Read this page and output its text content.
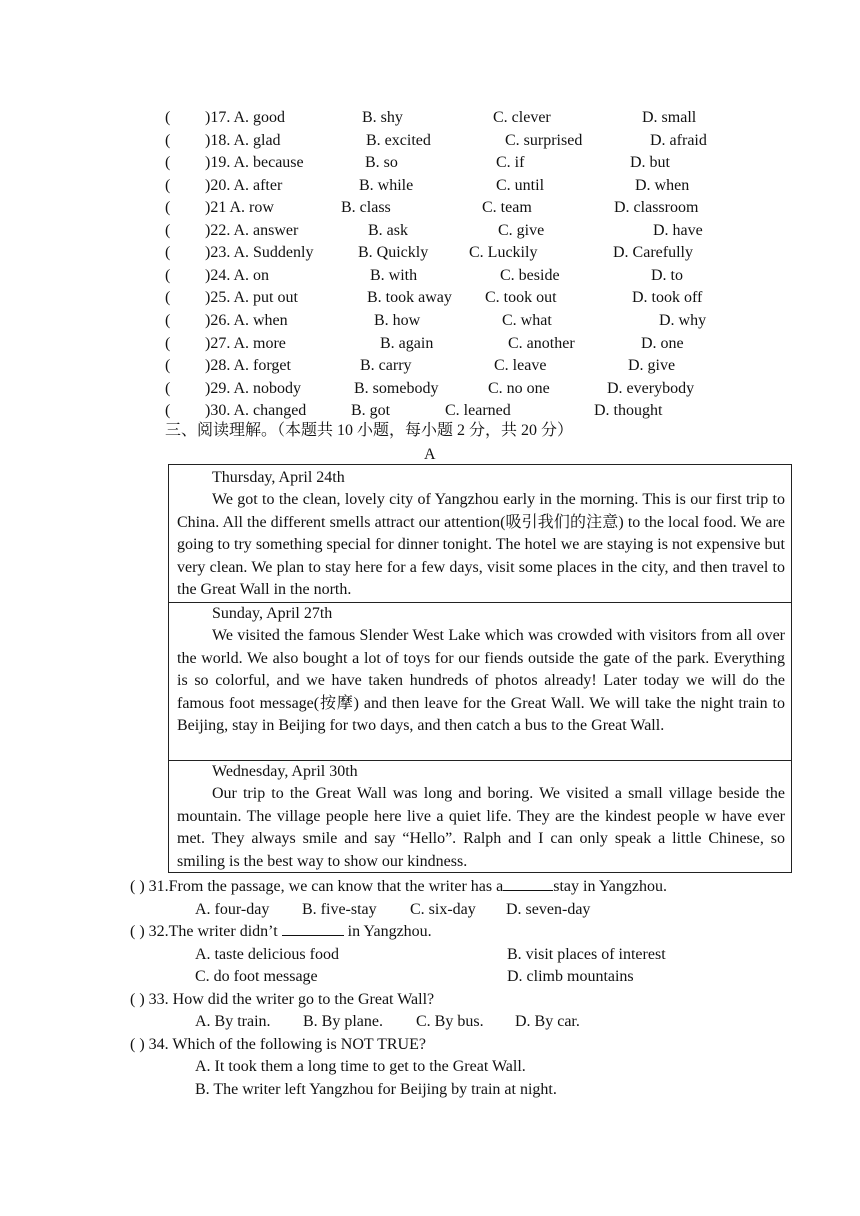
( )17. A. good	B. shy	C. clever	D. small
( )18. A. glad	B. excited	C. surprised	D. afraid
( )19. A. because	B. so	C. if	D. but
( )20. A. after	B. while	C. until	D. when
( )21 A. row	B. class	C. team	D. classroom
( )22. A. answer	B. ask	C. give	D. have
( )23. A. Suddenly	B. Quickly	C. Luckily	D. Carefully
( )24. A. on	B. with	C. beside	D. to
( )25. A. put out	B. took away C. took out	D. took off
( )26. A. when	B. how	C. what	D. why
( )27. A. more	B. again	C. another	D. one
( )28. A. forget	B. carry	C. leave	D. give
( )29. A. nobody	B. somebody	C. no one	D. everybody
( )30. A. changed	B. got	C. learned	D. thought
三、阅读理解。（本题共 10 小题，每小题 2 分，共 20 分）
A
Thursday, April 24th

We got to the clean, lovely city of Yangzhou early in the morning. This is our first trip to China. All the different smells attract our attention(吸引我们的注意) to the local food. We are going to try something special for dinner tonight. The hotel we are staying is not expensive but very clean. We plan to stay here for a few days, visit some places in the city, and then travel to the Great Wall in the north.

Sunday, April 27th

We visited the famous Slender West Lake which was crowded with visitors from all over the world. We also bought a lot of toys for our fiends outside the gate of the park. Everything is so colorful, and we have taken hundreds of photos already! Later today we will do the famous foot message(按摩) and then leave for the Great Wall. We will take the night train to Beijing, stay in Beijing for two days, and then catch a bus to the Great Wall.

Wednesday, April 30th

Our trip to the Great Wall was long and boring. We visited a small village beside the mountain. The village people here live a quiet life. They are the kindest people w have ever met. They always smile and say “Hello”. Ralph and I can only speak a little Chinese, so smiling is the best way to show our kindness.

( ) 31.From the passage, we can know that the writer has a	stay in Yangzhou.
A. four-day B. five-stay C. six-day D. seven-day
( ) 32.The writer didn’t	in Yangzhou.
A. taste delicious food	B. visit places of interest
C. do foot message	D. climb mountains
( ) 33. How did the writer go to the Great Wall?
A. By train. B. By plane. C. By bus. D. By car.
( ) 34. Which of the following is NOT TRUE?
A. It took them a long time to get to the Great Wall.
B. The writer left Yangzhou for Beijing by train at night.
